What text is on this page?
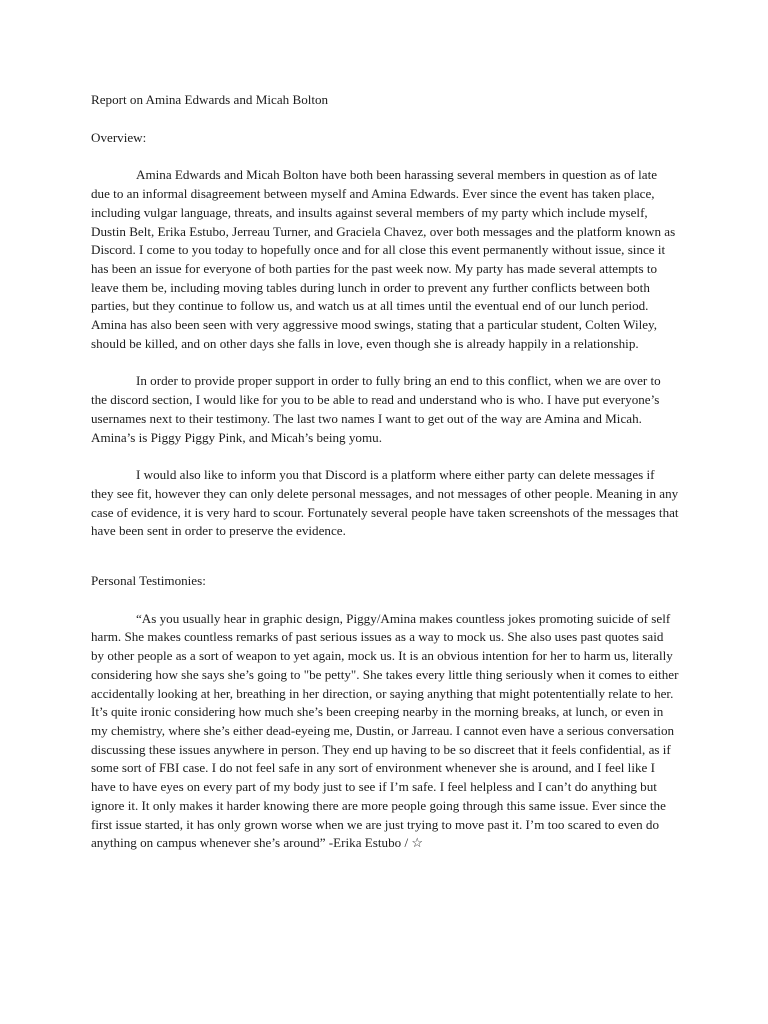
Report on Amina Edwards and Micah Bolton

Overview:

Amina Edwards and Micah Bolton have both been harassing several members in question as of late due to an informal disagreement between myself and Amina Edwards. Ever since the event has taken place, including vulgar language, threats, and insults against several members of my party which include myself, Dustin Belt, Erika Estubo, Jerreau Turner, and Graciela Chavez, over both messages and the platform known as Discord. I come to you today to hopefully once and for all close this event permanently without issue, since it has been an issue for everyone of both parties for the past week now. My party has made several attempts to leave them be, including moving tables during lunch in order to prevent any further conflicts between both parties, but they continue to follow us, and watch us at all times until the eventual end of our lunch period. Amina has also been seen with very aggressive mood swings, stating that a particular student, Colten Wiley, should be killed, and on other days she falls in love, even though she is already happily in a relationship.

In order to provide proper support in order to fully bring an end to this conflict, when we are over to the discord section, I would like for you to be able to read and understand who is who. I have put everyone’s usernames next to their testimony. The last two names I want to get out of the way are Amina and Micah. Amina’s is Piggy Piggy Pink, and Micah’s being yomu.

I would also like to inform you that Discord is a platform where either party can delete messages if they see fit, however they can only delete personal messages, and not messages of other people. Meaning in any case of evidence, it is very hard to scour. Fortunately several people have taken screenshots of the messages that have been sent in order to preserve the evidence.

Personal Testimonies:

“As you usually hear in graphic design, Piggy/Amina makes countless jokes promoting suicide of self harm. She makes countless remarks of past serious issues as a way to mock us. She also uses past quotes said by other people as a sort of weapon to yet again, mock us. It is an obvious intention for her to harm us, literally considering how she says she’s going to "be petty". She takes every little thing seriously when it comes to either accidentally looking at her, breathing in her direction, or saying anything that might potententially relate to her. It’s quite ironic considering how much she’s been creeping nearby in the morning breaks, at lunch, or even in my chemistry, where she’s either dead-eyeing me, Dustin, or Jarreau. I cannot even have a serious conversation discussing these issues anywhere in person. They end up having to be so discreet that it feels confidential, as if some sort of FBI case. I do not feel safe in any sort of environment whenever she is around, and I feel like I have to have eyes on every part of my body just to see if I’m safe. I feel helpless and I can’t do anything but ignore it. It only makes it harder knowing there are more people going through this same issue. Ever since the first issue started, it has only grown worse when we are just trying to move past it. I’m too scared to even do anything on campus whenever she’s around” -Erika Estubo / ☆
